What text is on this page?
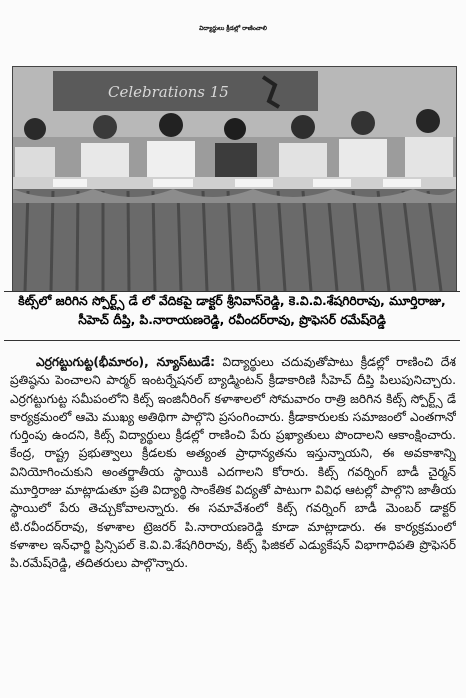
విద్యార్థులు క్రీడల్లో రాణించాలి
Celebrations 15
కిట్స్‌లో జరిగిన స్పోర్ట్స్ డే లో వేదికపై డాక్టర్ శ్రీనివాస్‌రెడ్డి, కె.వి.వి.శేషగిరిరావు, మూర్తిరాజు,
సీహెచ్ దీప్తి, పి.నారాయణరెడ్డి, రవీందర్‌రావు, ప్రొఫెసర్ రమేష్‌రెడ్డి

ఎర్రగట్టుగుట్ట(భీమారం), న్యూస్‌టుడే: విద్యార్థులు చదువుతోపాటు క్రీడల్లో రాణించి దేశ ప్రతిష్ఠను పెంచాలని పార్మర్ ఇంటర్నేషనల్ బ్యాడ్మింటన్ క్రీడాకారిణి సీహెచ్ దీప్తి పిలుపునిచ్చారు. ఎర్రగట్టుగుట్ట సమీపంలోని కిట్స్ ఇంజినీరింగ్ కళాశాలలో సోమవారం రాత్రి జరిగిన కిట్స్ స్పోర్ట్స్ డే కార్యక్రమంలో ఆమె ముఖ్య అతిథిగా పాల్గొని ప్రసంగించారు. క్రీడాకారులకు సమాజంలో ఎంతగానో గుర్తింపు ఉందని, కిట్స్ విద్యార్థులు క్రీడల్లో రాణించి పేరు ప్రఖ్యాతులు పొందాలని ఆకాంక్షించారు. కేంద్ర, రాష్ట్ర ప్రభుత్వాలు క్రీడలకు అత్యంత ప్రాధాన్యతను ఇస్తున్నాయని, ఈ అవకాశాన్ని వినియోగించుకుని అంతర్జాతీయ స్థాయికి ఎదగాలని కోరారు. కిట్స్ గవర్నింగ్ బాడీ చైర్మన్ మూర్తిరాజు మాట్లాడుతూ ప్రతి విద్యార్థి సాంకేతిక విద్యతో పాటుగా వివిధ ఆటల్లో పాల్గొని జాతీయ స్థాయిలో పేరు తెచ్చుకోవాలన్నారు. ఈ సమావేశంలో కిట్స్ గవర్నింగ్ బాడీ మెంబర్ డాక్టర్ టి.రవీందర్‌రావు, కళాశాల ట్రెజరర్ పి.నారాయణరెడ్డి కూడా మాట్లాడారు. ఈ కార్యక్రమంలో కళాశాల ఇన్‌ఛార్జి ప్రిన్సిపల్ కె.వి.వి.శేషగిరిరావు, కిట్స్ ఫిజికల్ ఎడ్యుకేషన్ విభాగాధిపతి ప్రొఫెసర్ పి.రమేష్‌రెడ్డి, తదితరులు పాల్గొన్నారు.
